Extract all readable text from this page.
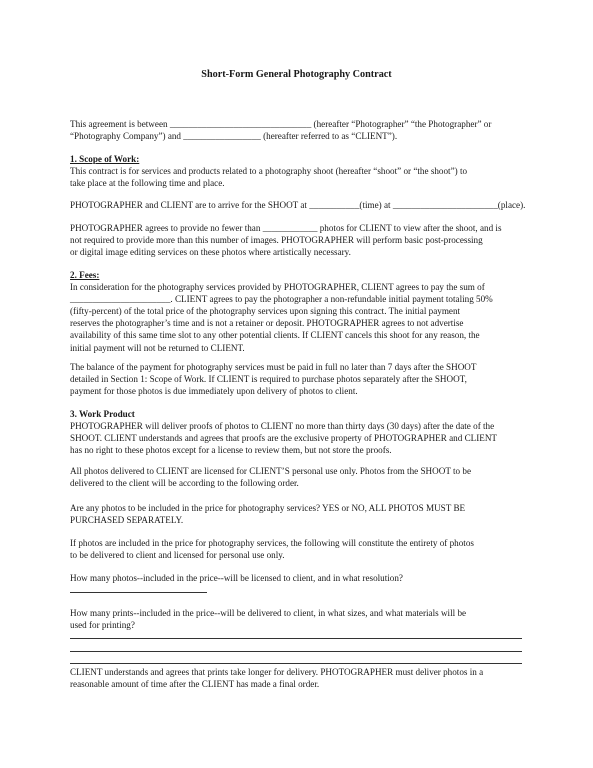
Short-Form General Photography Contract
This agreement is between _______________________________ (hereafter “Photographer” “the Photographer” or
“Photography Company”) and _________________ (hereafter referred to as “CLIENT”).
1. Scope of Work:
This contract is for services and products related to a photography shoot (hereafter “shoot” or “the shoot”) to
take place at the following time and place.
PHOTOGRAPHER and CLIENT are to arrive for the SHOOT at ___________(time) at _______________________(place).
PHOTOGRAPHER agrees to provide no fewer than ____________ photos for CLIENT to view after the shoot, and is
not required to provide more than this number of images. PHOTOGRAPHER will perform basic post-processing
or digital image editing services on these photos where artistically necessary.
2. Fees:
In consideration for the photography services provided by PHOTOGRAPHER, CLIENT agrees to pay the sum of
______________________. CLIENT agrees to pay the photographer a non-refundable initial payment totaling 50%
(fifty-percent) of the total price of the photography services upon signing this contract. The initial payment
reserves the photographer’s time and is not a retainer or deposit. PHOTOGRAPHER agrees to not advertise
availability of this same time slot to any other potential clients. If CLIENT cancels this shoot for any reason, the
initial payment will not be returned to CLIENT.
The balance of the payment for photography services must be paid in full no later than 7 days after the SHOOT
detailed in Section 1: Scope of Work. If CLIENT is required to purchase photos separately after the SHOOT,
payment for those photos is due immediately upon delivery of photos to client.
3. Work Product
PHOTOGRAPHER will deliver proofs of photos to CLIENT no more than thirty days (30 days) after the date of the
SHOOT. CLIENT understands and agrees that proofs are the exclusive property of PHOTOGRAPHER and CLIENT
has no right to these photos except for a license to review them, but not store the proofs.
All photos delivered to CLIENT are licensed for CLIENT’S personal use only. Photos from the SHOOT to be
delivered to the client will be according to the following order.
Are any photos to be included in the price for photography services? YES or NO, ALL PHOTOS MUST BE
PURCHASED SEPARATELY.
If photos are included in the price for photography services, the following will constitute the entirety of photos
to be delivered to client and licensed for personal use only.
How many photos--included in the price--will be licensed to client, and in what resolution?
How many prints--included in the price--will be delivered to client, in what sizes, and what materials will be
used for printing?
CLIENT understands and agrees that prints take longer for delivery. PHOTOGRAPHER must deliver photos in a
reasonable amount of time after the CLIENT has made a final order.
